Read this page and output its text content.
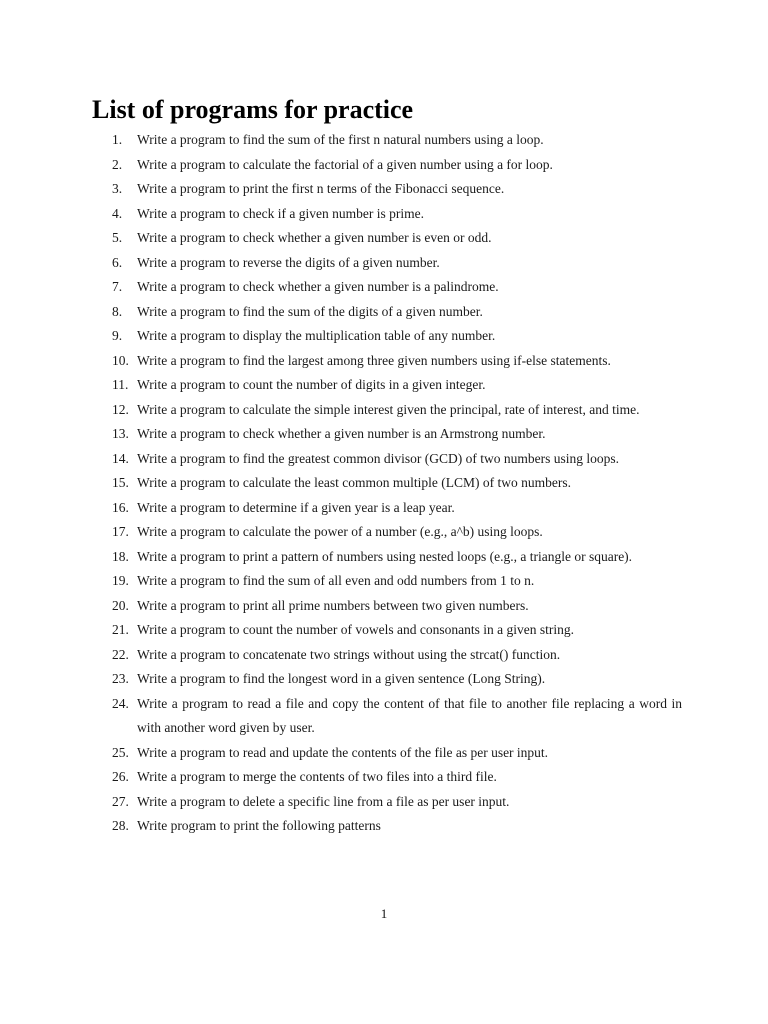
List of programs for practice
1.	Write a program to find the sum of the first n natural numbers using a loop.
2.	Write a program to calculate the factorial of a given number using a for loop.
3.	Write a program to print the first n terms of the Fibonacci sequence.
4.	Write a program to check if a given number is prime.
5.	Write a program to check whether a given number is even or odd.
6.	Write a program to reverse the digits of a given number.
7.	Write a program to check whether a given number is a palindrome.
8.	Write a program to find the sum of the digits of a given number.
9.	Write a program to display the multiplication table of any number.
10. Write a program to find the largest among three given numbers using if-else statements.
11. Write a program to count the number of digits in a given integer.
12. Write a program to calculate the simple interest given the principal, rate of interest, and time.
13. Write a program to check whether a given number is an Armstrong number.
14. Write a program to find the greatest common divisor (GCD) of two numbers using loops.
15. Write a program to calculate the least common multiple (LCM) of two numbers.
16. Write a program to determine if a given year is a leap year.
17. Write a program to calculate the power of a number (e.g., a^b) using loops.
18. Write a program to print a pattern of numbers using nested loops (e.g., a triangle or square).
19. Write a program to find the sum of all even and odd numbers from 1 to n.
20. Write a program to print all prime numbers between two given numbers.
21. Write a program to count the number of vowels and consonants in a given string.
22. Write a program to concatenate two strings without using the strcat() function.
23. Write a program to find the longest word in a given sentence (Long String).
24. Write a program to read a file and copy the content of that file to another file replacing a word in with another word given by user.
25. Write a program to read and update the contents of the file as per user input.
26. Write a program to merge the contents of two files into a third file.
27. Write a program to delete a specific line from a file as per user input.
28. Write program to print the following patterns
1
